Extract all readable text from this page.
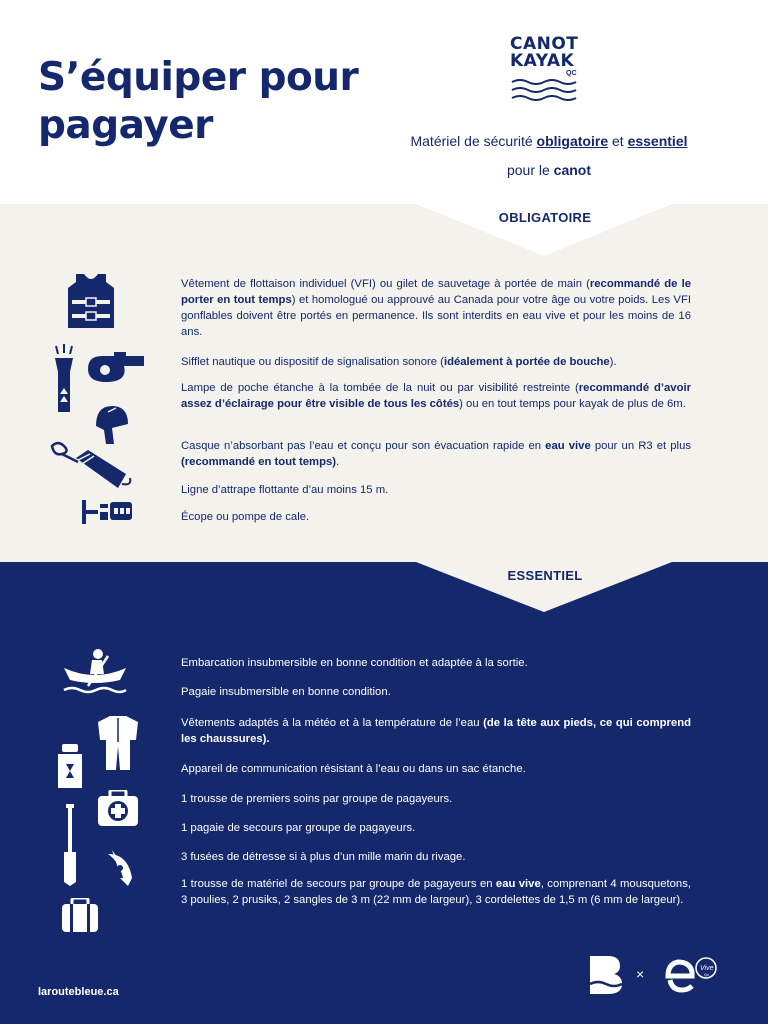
S’équiper pour
pagayer
CANOT
KAYAK
QC
Matériel de sécurité obligatoire et essentiel
pour le canot
OBLIGATOIRE

Vêtement de flottaison individuel (VFI) ou gilet de sauvetage à portée de main (recommandé de le porter en tout temps) et homologué ou approuvé au Canada pour votre âge ou votre poids. Les VFI gonflables doivent être portés en permanence. Ils sont interdits en eau vive et pour les moins de 16 ans.

Sifflet nautique ou dispositif de signalisation sonore (idéalement à portée de bouche).

Lampe de poche étanche à la tombée de la nuit ou par visibilité restreinte (recommandé d’avoir assez d’éclairage pour être visible de tous les côtés) ou en tout temps pour kayak de plus de 6m.

Casque n’absorbant pas l’eau et conçu pour son évacuation rapide en eau vive pour un R3 et plus (recommandé en tout temps).

Ligne d’attrape flottante d’au moins 15 m.

Écope ou pompe de cale.

ESSENTIEL

Embarcation insubmersible en bonne condition et adaptée à la sortie.

Pagaie insubmersible en bonne condition.

Vêtements adaptés à la météo et à la température de l’eau (de la tête aux pieds, ce qui comprend les chaussures).

Appareil de communication résistant à l’eau ou dans un sac étanche.

1 trousse de premiers soins par groupe de pagayeurs.

1 pagaie de secours par groupe de pagayeurs.

3 fusées de détresse si à plus d’un mille marin du rivage.

1 trousse de matériel de secours par groupe de pagayeurs en eau vive, comprenant 4 mousquetons, 3 poulies, 2 prusiks, 2 sangles de 3 m (22 mm de largeur), 3 cordelettes de 1,5 m (6 mm de largeur).

laroutebleue.ca
×	Vive
Qc
